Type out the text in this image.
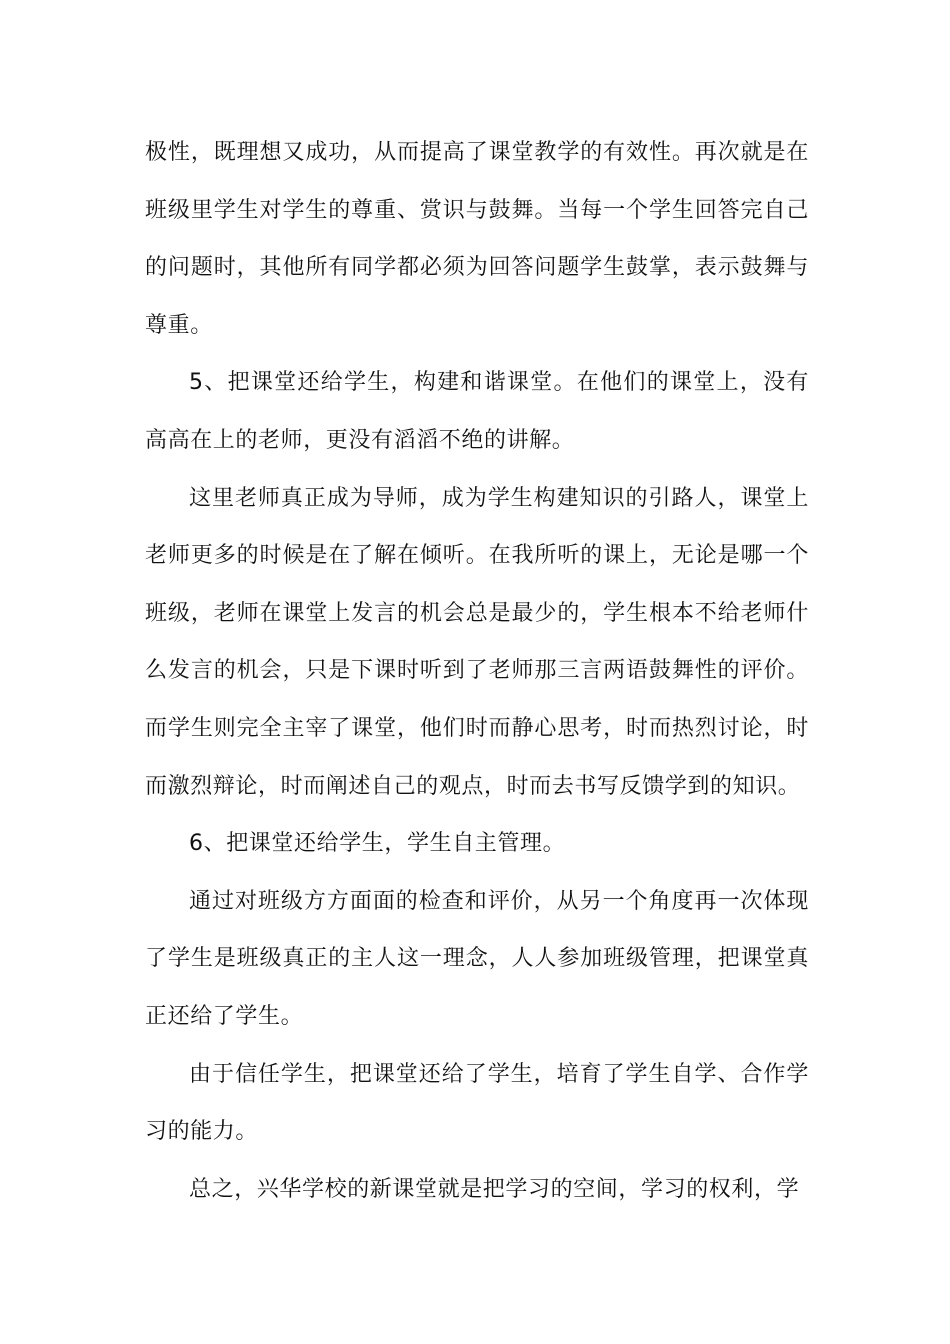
极性，既理想又成功，从而提高了课堂教学的有效性。再次就是在班级里学生对学生的尊重、赏识与鼓舞。当每一个学生回答完自己的问题时，其他所有同学都必须为回答问题学生鼓掌，表示鼓舞与尊重。

5、把课堂还给学生，构建和谐课堂。在他们的课堂上，没有高高在上的老师，更没有滔滔不绝的讲解。

这里老师真正成为导师，成为学生构建知识的引路人，课堂上老师更多的时候是在了解在倾听。在我所听的课上，无论是哪一个班级，老师在课堂上发言的机会总是最少的，学生根本不给老师什么发言的机会，只是下课时听到了老师那三言两语鼓舞性的评价。而学生则完全主宰了课堂，他们时而静心思考，时而热烈讨论，时而激烈辩论，时而阐述自己的观点，时而去书写反馈学到的知识。

6、把课堂还给学生，学生自主管理。

通过对班级方方面面的检查和评价，从另一个角度再一次体现了学生是班级真正的主人这一理念，人人参加班级管理，把课堂真正还给了学生。

由于信任学生，把课堂还给了学生，培育了学生自学、合作学习的能力。

总之，兴华学校的新课堂就是把学习的空间，学习的权利，学
